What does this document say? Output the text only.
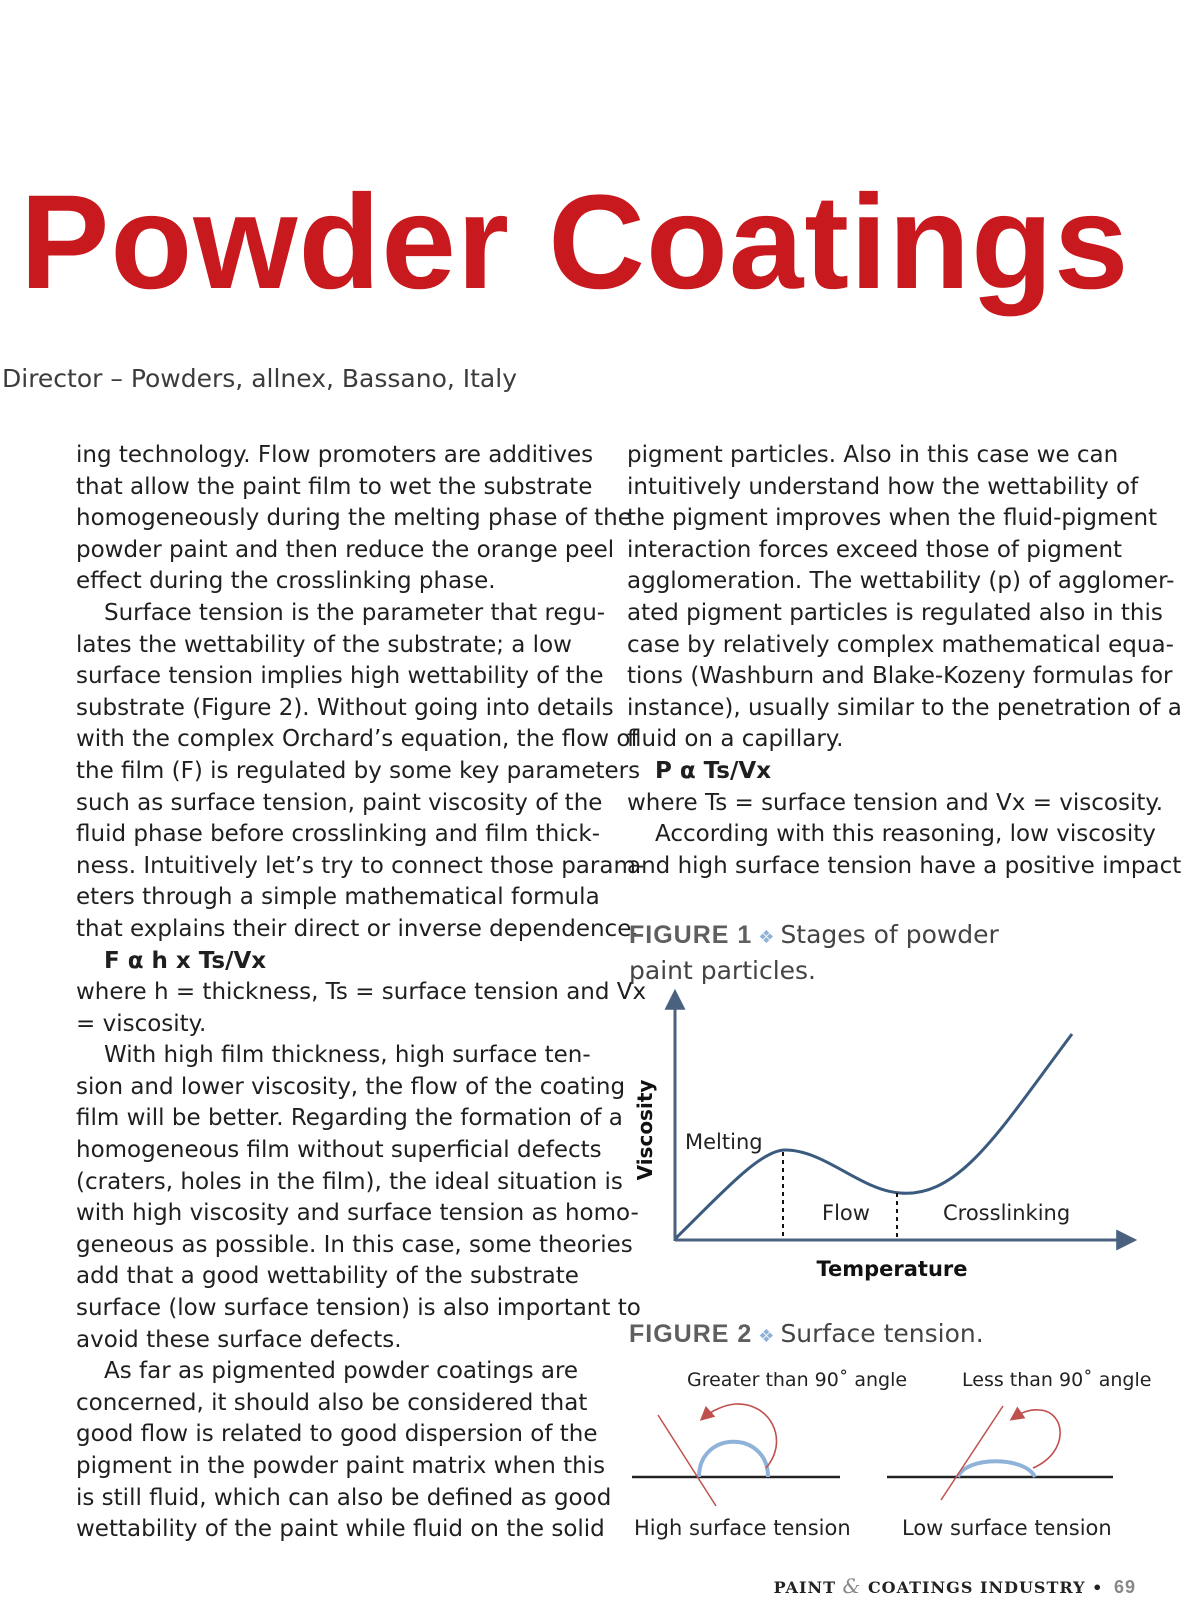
Powder Coatings
Director – Powders, allnex, Bassano, Italy

ing technology. Flow promoters are additives

that allow the paint film to wet the substrate

homogeneously during the melting phase of the

powder paint and then reduce the orange peel

effect during the crosslinking phase.

Surface tension is the parameter that regu-

lates the wettability of the substrate; a low

surface tension implies high wettability of the

substrate (Figure 2). Without going into details

with the complex Orchard’s equation, the flow of

the film (F) is regulated by some key parameters

such as surface tension, paint viscosity of the

fluid phase before crosslinking and film thick-

ness. Intuitively let’s try to connect those param-

eters through a simple mathematical formula

that explains their direct or inverse dependence.

F α h x Ts/Vx

where h = thickness, Ts = surface tension and Vx

= viscosity.

With high film thickness, high surface ten-

sion and lower viscosity, the flow of the coating

film will be better. Regarding the formation of a

homogeneous film without superficial defects

(craters, holes in the film), the ideal situation is

with high viscosity and surface tension as homo-

geneous as possible. In this case, some theories

add that a good wettability of the substrate

surface (low surface tension) is also important to

avoid these surface defects.

As far as pigmented powder coatings are

concerned, it should also be considered that

good flow is related to good dispersion of the

pigment in the powder paint matrix when this

is still fluid, which can also be defined as good

wettability of the paint while fluid on the solid

pigment particles. Also in this case we can

intuitively understand how the wettability of

the pigment improves when the fluid-pigment

interaction forces exceed those of pigment

agglomeration. The wettability (p) of agglomer-

ated pigment particles is regulated also in this

case by relatively complex mathematical equa-

tions (Washburn and Blake-Kozeny formulas for

instance), usually similar to the penetration of a

fluid on a capillary.

P α Ts/Vx

where Ts = surface tension and Vx = viscosity.

According with this reasoning, low viscosity

and high surface tension have a positive impact

FIGURE 1 ❖ Stages of powder
paint particles.
Viscosity
Temperature
Melting
Flow	Crosslinking
Greater than 90˚ angle	Less than 90˚ angle
High surface tension Low surface tension
FIGURE 2 ❖ Surface tension.
PAINT & COATINGS INDUSTRY • 69
